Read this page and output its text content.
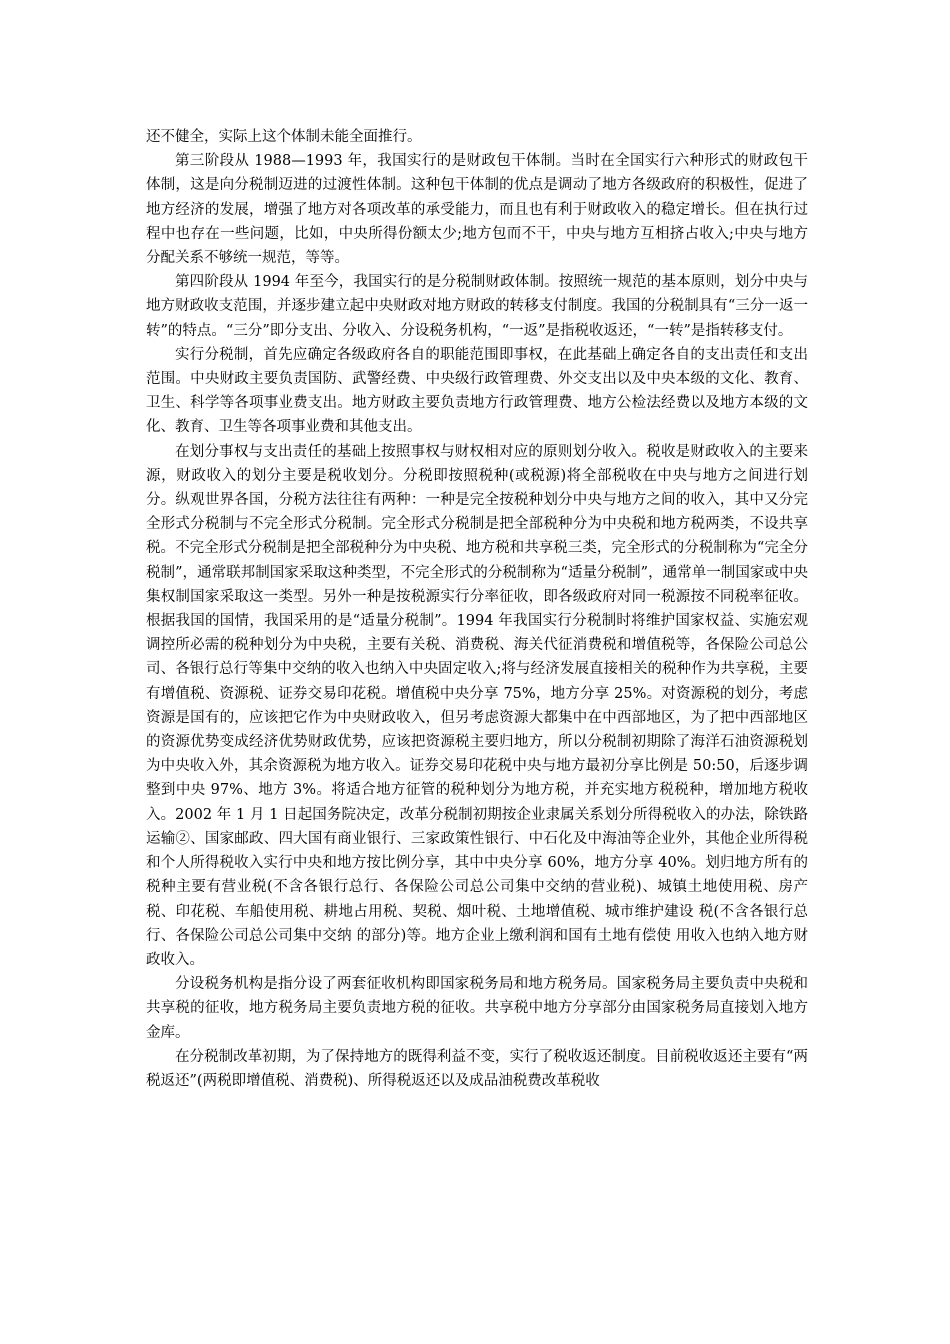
还不健全，实际上这个体制未能全面推行。

第三阶段从 1988—1993 年，我国实行的是财政包干体制。当时在全国实行六种形式的财政包干体制，这是向分税制迈进的过渡性体制。这种包干体制的优点是调动了地方各级政府的积极性，促进了地方经济的发展，增强了地方对各项改革的承受能力，而且也有利于财政收入的稳定增长。但在执行过程中也存在一些问题，比如，中央所得份额太少;地方包而不干，中央与地方互相挤占收入;中央与地方分配关系不够统一规范，等等。

第四阶段从 1994 年至今，我国实行的是分税制财政体制。按照统一规范的基本原则，划分中央与地方财政收支范围，并逐步建立起中央财政对地方财政的转移支付制度。我国的分税制具有“三分一返一转”的特点。“三分”即分支出、分收入、分设税务机构，“一返”是指税收返还，“一转”是指转移支付。

实行分税制，首先应确定各级政府各自的职能范围即事权，在此基础上确定各自的支出责任和支出范围。中央财政主要负责国防、武警经费、中央级行政管理费、外交支出以及中央本级的文化、教育、卫生、科学等各项事业费支出。地方财政主要负责地方行政管理费、地方公检法经费以及地方本级的文化、教育、卫生等各项事业费和其他支出。

在划分事权与支出责任的基础上按照事权与财权相对应的原则划分收入。税收是财政收入的主要来源，财政收入的划分主要是税收划分。分税即按照税种(或税源)将全部税收在中央与地方之间进行划分。纵观世界各国，分税方法往往有两种：一种是完全按税种划分中央与地方之间的收入，其中又分完全形式分税制与不完全形式分税制。完全形式分税制是把全部税种分为中央税和地方税两类，不设共享税。不完全形式分税制是把全部税种分为中央税、地方税和共享税三类，完全形式的分税制称为“完全分税制”，通常联邦制国家采取这种类型，不完全形式的分税制称为“适量分税制”，通常单一制国家或中央集权制国家采取这一类型。另外一种是按税源实行分率征收，即各级政府对同一税源按不同税率征收。根据我国的国情，我国采用的是“适量分税制”。1994 年我国实行分税制时将维护国家权益、实施宏观调控所必需的税种划分为中央税，主要有关税、消费税、海关代征消费税和增值税等，各保险公司总公司、各银行总行等集中交纳的收入也纳入中央固定收入;将与经济发展直接相关的税种作为共享税，主要有增值税、资源税、证券交易印花税。增值税中央分享 75%，地方分享 25%。对资源税的划分，考虑资源是国有的，应该把它作为中央财政收入，但另考虑资源大都集中在中西部地区，为了把中西部地区的资源优势变成经济优势财政优势，应该把资源税主要归地方，所以分税制初期除了海洋石油资源税划为中央收入外，其余资源税为地方收入。证券交易印花税中央与地方最初分享比例是 50:50，后逐步调整到中央 97%、地方 3%。将适合地方征管的税种划分为地方税，并充实地方税税种，增加地方税收入。2002 年 1 月 1 日起国务院决定，改革分税制初期按企业隶属关系划分所得税收入的办法，除铁路运输②、国家邮政、四大国有商业银行、三家政策性银行、中石化及中海油等企业外，其他企业所得税和个人所得税收入实行中央和地方按比例分享，其中中央分享 60%，地方分享 40%。划归地方所有的税种主要有营业税(不含各银行总行、各保险公司总公司集中交纳的营业税)、城镇土地使用税、房产税、印花税、车船使用税、耕地占用税、契税、烟叶税、土地增值税、城市维护建设 税(不含各银行总行、各保险公司总公司集中交纳 的部分)等。地方企业上缴利润和国有土地有偿使 用收入也纳入地方财政收入。

分设税务机构是指分设了两套征收机构即国家税务局和地方税务局。国家税务局主要负责中央税和共享税的征收，地方税务局主要负责地方税的征收。共享税中地方分享部分由国家税务局直接划入地方金库。

在分税制改革初期，为了保持地方的既得利益不变，实行了税收返还制度。目前税收返还主要有“两税返还”(两税即增值税、消费税)、所得税返还以及成品油税费改革税收
